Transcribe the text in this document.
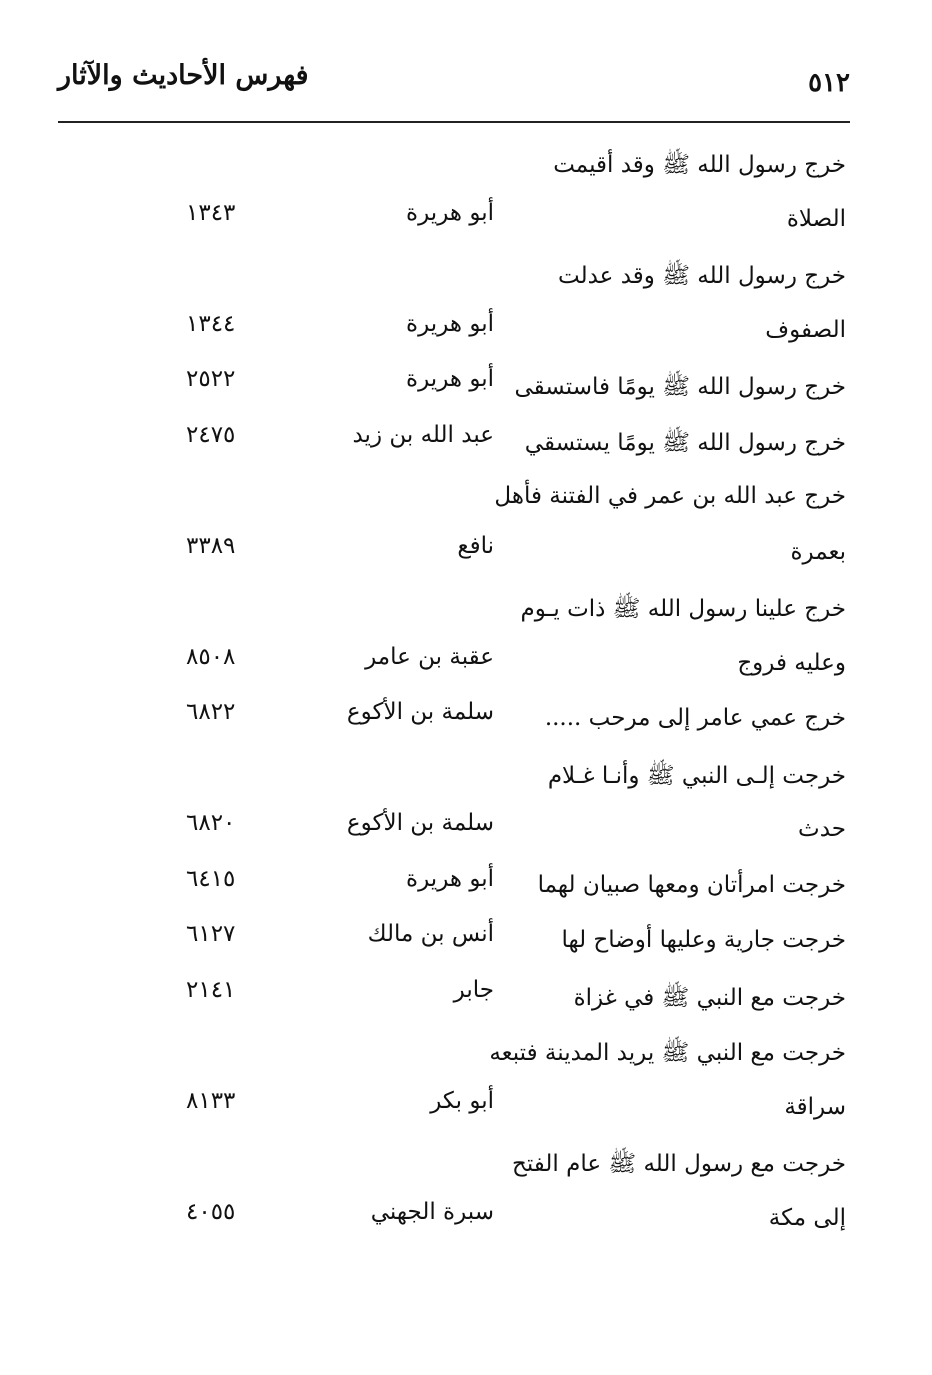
فهرس الأحاديث والآثار	٥١٢
خرج رسول الله ﷺ وقد أقيمت
الصلاة
أبو هريرة
١٣٤٣
خرج رسول الله ﷺ وقد عدلت
الصفوف
أبو هريرة
١٣٤٤
خرج رسول الله ﷺ يومًا فاستسقى
أبو هريرة
٢٥٢٢
خرج رسول الله ﷺ يومًا يستسقي
عبد الله بن زيد
٢٤٧٥
خرج عبد الله بن عمر في الفتنة فأهل
بعمرة
نافع
٣٣٨٩
خرج علينا رسول الله ﷺ ذات يـوم
وعليه فروج
عقبة بن عامر
٨٥٠٨
خرج عمي عامر إلى مرحب .....
سلمة بن الأكوع
٦٨٢٢
خرجت إلـى النبي ﷺ وأنـا غـلام
حدث
سلمة بن الأكوع
٦٨٢٠
خرجت امرأتان ومعها صبيان لهما
أبو هريرة
٦٤١٥
خرجت جارية وعليها أوضاح لها
أنس بن مالك
٦١٢٧
خرجت مع النبي ﷺ في غزاة
جابر
٢١٤١
خرجت مع النبي ﷺ يريد المدينة فتبعه
سراقة
أبو بكر
٨١٣٣
خرجت مع رسول الله ﷺ عام الفتح
إلى مكة
سبرة الجهني
٤٠٥٥
